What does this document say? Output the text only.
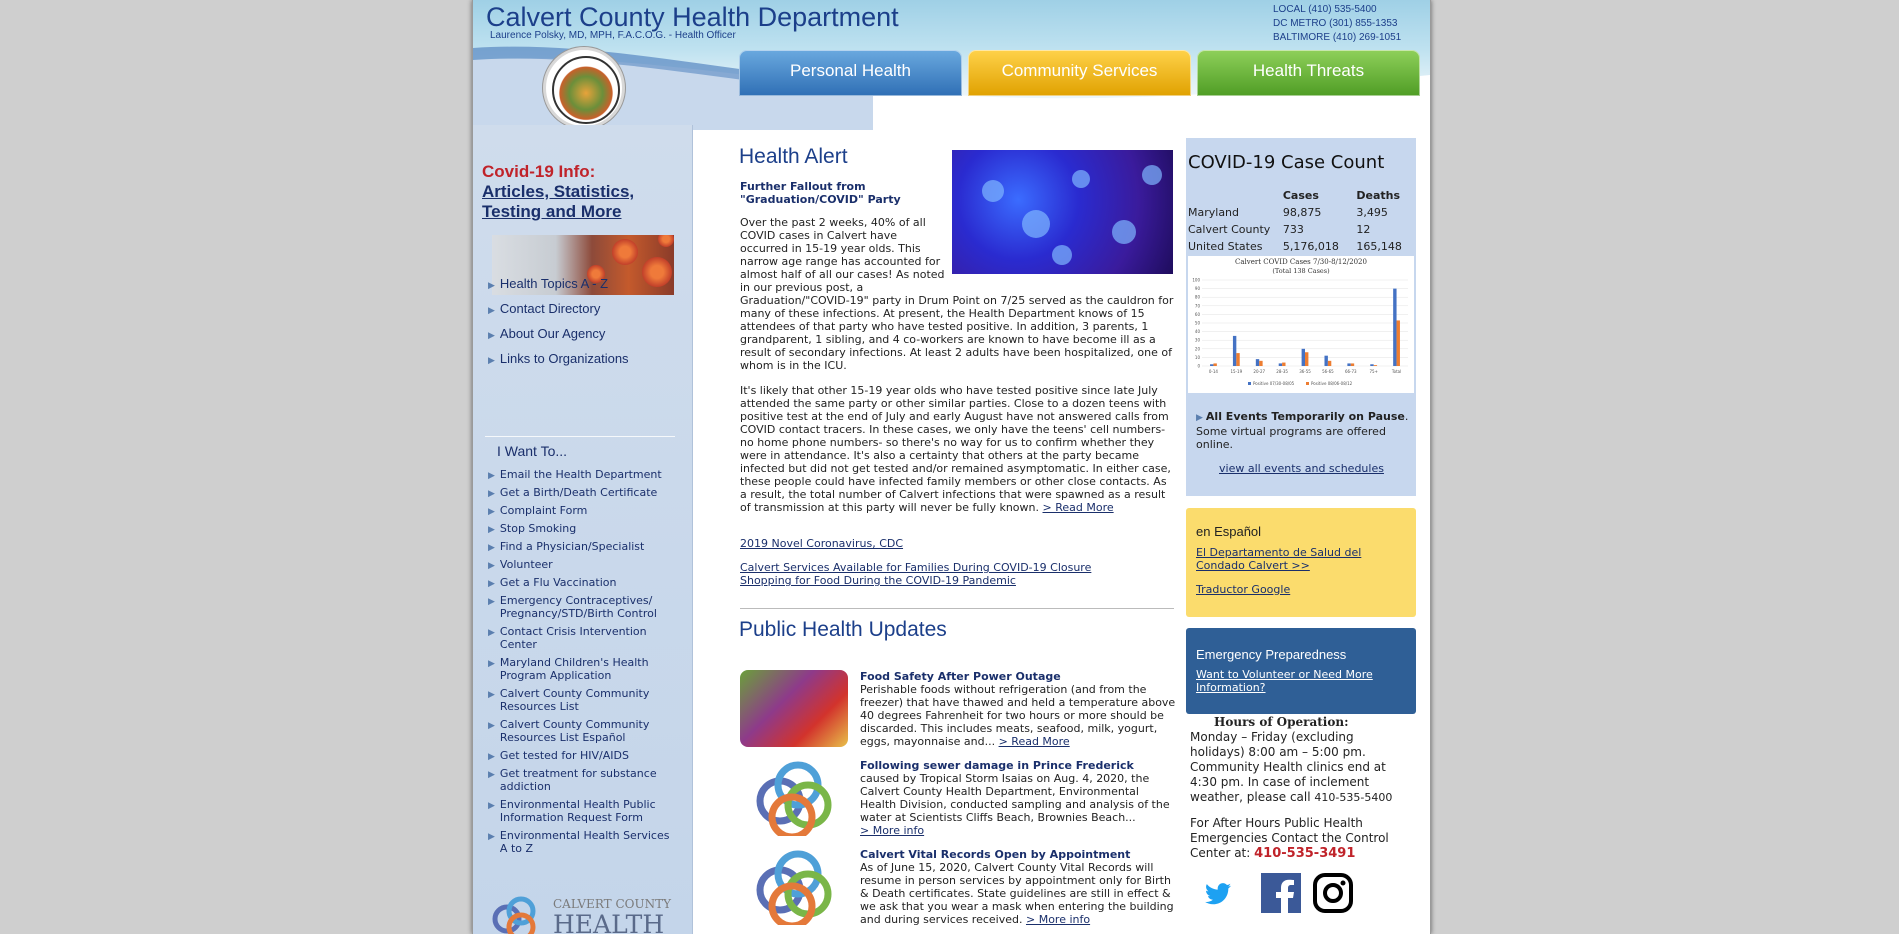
Calvert County Health Department
Laurence Polsky, MD, MPH, F.A.C.O.G. - Health Officer
LOCAL (410) 535-5400
DC METRO (301) 855-1353
BALTIMORE (410) 269-1051
Personal Health	Community Services	Health Threats
Covid-19 Info:
Articles, Statistics, Testing and More
▶ Health Topics A - Z
▶ Contact Directory
▶ About Our Agency
▶ Links to Organizations
I Want To...
▶ Email the Health Department
▶ Get a Birth/Death Certificate
▶ Complaint Form
▶ Stop Smoking
▶ Find a Physician/Specialist
▶ Volunteer
▶ Get a Flu Vaccination
▶ Emergency Contraceptives/ Pregnancy/STD/Birth Control
▶ Contact Crisis Intervention Center
▶ Maryland Children's Health Program Application
▶ Calvert County Community Resources List
▶ Calvert County Community Resources List Español
▶ Get tested for HIV/AIDS
▶ Get treatment for substance addiction
▶ Environmental Health Public Information Request Form
▶ Environmental Health Services A to Z
CALVERT COUNTY
HEALTH
Health Alert
Further Fallout from "Graduation/COVID" Party
Over the past 2 weeks, 40% of all COVID cases in Calvert have occurred in 15-19 year olds. This narrow age range has accounted for almost half of all our cases! As noted in our previous post, a
Graduation/"COVID-19" party in Drum Point on 7/25 served as the cauldron for many of these infections. At present, the Health Department knows of 15 attendees of that party who have tested positive. In addition, 3 parents, 1 grandparent, 1 sibling, and 4 co-workers are known to have become ill as a result of secondary infections. At least 2 adults have been hospitalized, one of whom is in the ICU.
It's likely that other 15-19 year olds who have tested positive since late July attended the same party or other similar parties. Close to a dozen teens with positive test at the end of July and early August have not answered calls from COVID contact tracers. In these cases, we only have the teens' cell numbers- no home phone numbers- so there's no way for us to confirm whether they were in attendance. It's also a certainty that others at the party became infected but did not get tested and/or remained asymptomatic. In either case, these people could have infected family members or other close contacts. As a result, the total number of Calvert infections that were spawned as a result of transmission at this party will never be fully known. > Read More
2019 Novel Coronavirus, CDC
Calvert Services Available for Families During COVID-19 Closure
Shopping for Food During the COVID-19 Pandemic
Public Health Updates
Food Safety After Power Outage
Perishable foods without refrigeration (and from the freezer) that have thawed and held a temperature above 40 degrees Fahrenheit for two hours or more should be discarded. This includes meats, seafood, milk, yogurt, eggs, mayonnaise and... > Read More
Following sewer damage in Prince Frederick
caused by Tropical Storm Isaias on Aug. 4, 2020, the Calvert County Health Department, Environmental Health Division, conducted sampling and analysis of the water at Scientists Cliffs Beach, Brownies Beach...
> More info
Calvert Vital Records Open by Appointment
As of June 15, 2020, Calvert County Vital Records will resume in person services by appointment only for Birth & Death certificates. State guidelines are still in effect & we ask that you wear a mask when entering the building and during services received. > More info
COVID-19 Case Count
	Cases	Deaths
Maryland	98,875	3,495
Calvert County	733	12
United States	5,176,018	165,148
Calvert COVID Cases 7/30-8/12/2020
(Total 138 Cases)
0
10
20
30
40
50
60
70
80
90
100
0-14	15-19	20-27	28-35	36-55	56-65	66-73	75+	Total
Positive 07/30-08/05	Positive 08/06-08/12
▶ All Events Temporarily on Pause. Some virtual programs are offered online.
view all events and schedules
en Español
El Departamento de Salud del Condado Calvert >>
Traductor Google
Emergency Preparedness
Want to Volunteer or Need More Information?
Hours of Operation:
Monday – Friday (excluding holidays) 8:00 am – 5:00 pm. Community Health clinics end at 4:30 pm. In case of inclement weather, please call 410-535-5400
For After Hours Public Health Emergencies Contact the Control Center at: 410-535-3491
